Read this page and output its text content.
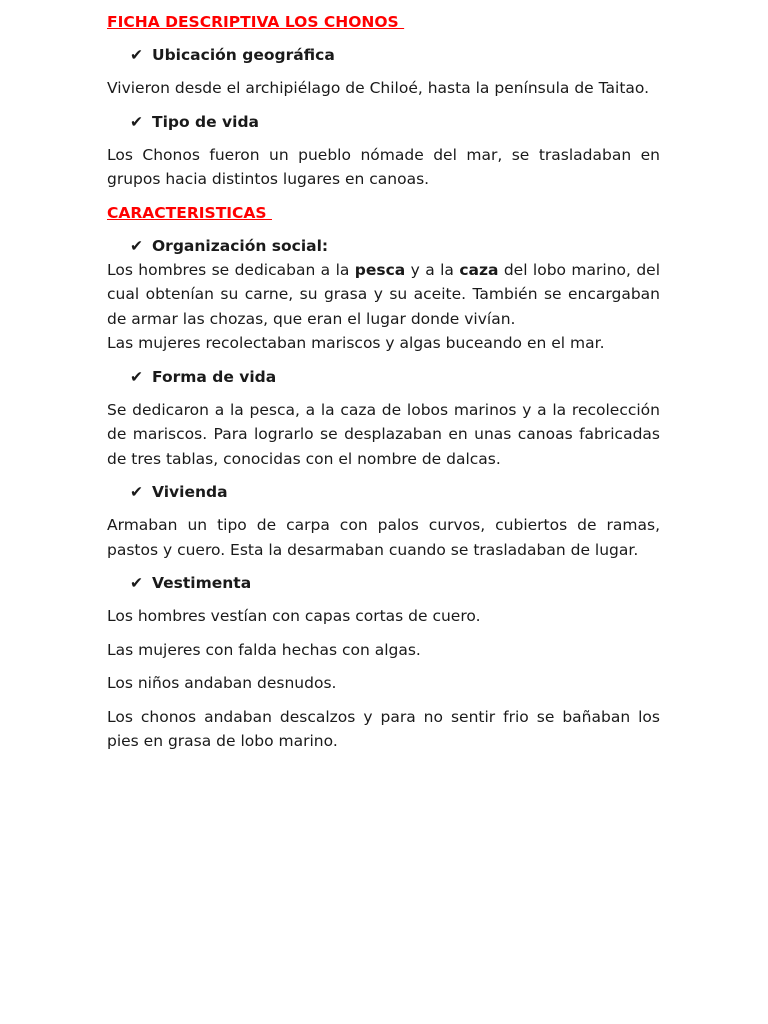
FICHA DESCRIPTIVA LOS CHONOS
✔ Ubicación geográfica
Vivieron desde el archipiélago de Chiloé, hasta la península de Taitao.
✔ Tipo de vida
Los Chonos fueron un pueblo nómade del mar, se trasladaban en grupos hacia distintos lugares en canoas.
CARACTERISTICAS
✔ Organización social:
Los hombres se dedicaban a la pesca y a la caza del lobo marino, del cual obtenían su carne, su grasa y su aceite. También se encargaban de armar las chozas, que eran el lugar donde vivían.
Las mujeres recolectaban mariscos y algas buceando en el mar.
✔ Forma de vida
Se dedicaron a la pesca, a la caza de lobos marinos y a la recolección de mariscos. Para lograrlo se desplazaban en unas canoas fabricadas de tres tablas, conocidas con el nombre de dalcas.
✔ Vivienda
Armaban un tipo de carpa con palos curvos, cubiertos de ramas, pastos y cuero. Esta la desarmaban cuando se trasladaban de lugar.
✔ Vestimenta
Los hombres vestían con capas cortas de cuero.
Las mujeres con falda hechas con algas.
Los niños andaban desnudos.
Los chonos andaban descalzos y para no sentir frio se bañaban los pies en grasa de lobo marino.
